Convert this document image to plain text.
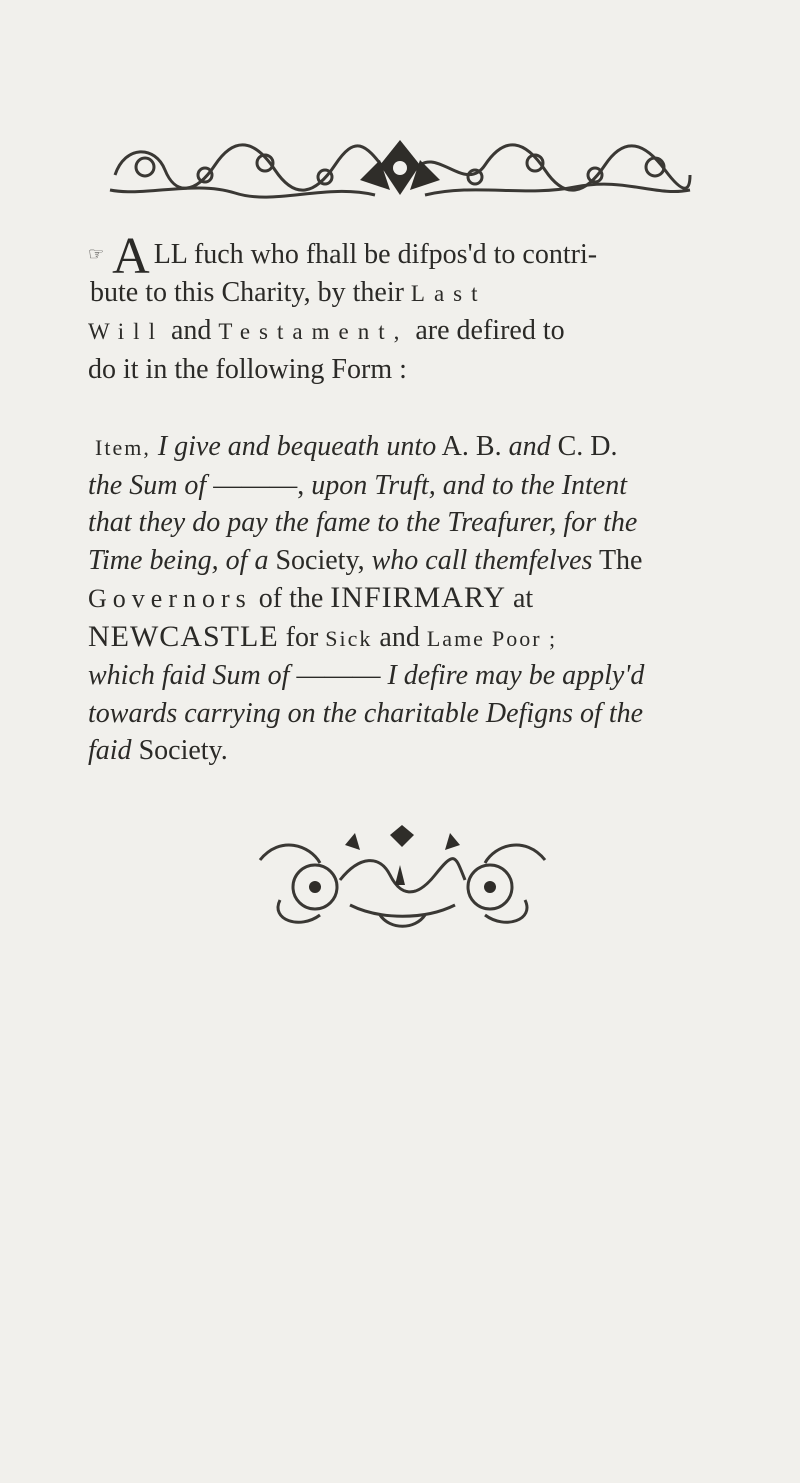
☞ A LL fuch who fhall be difpos'd to contri-
bute to this Charity, by their Last
Will and Testament, are defired to
do it in the following Form :

Item, I give and bequeath unto A. B. and C. D.
the Sum of ———, upon Truft, and to the Intent
that they do pay the fame to the Treafurer, for the
Time being, of a Society, who call themfelves The
Governors of the INFIRMARY at
NEWCASTLE for Sick and Lame Poor ;
which faid Sum of ——— I defire may be apply'd
towards carrying on the charitable Defigns of the
faid Society.
